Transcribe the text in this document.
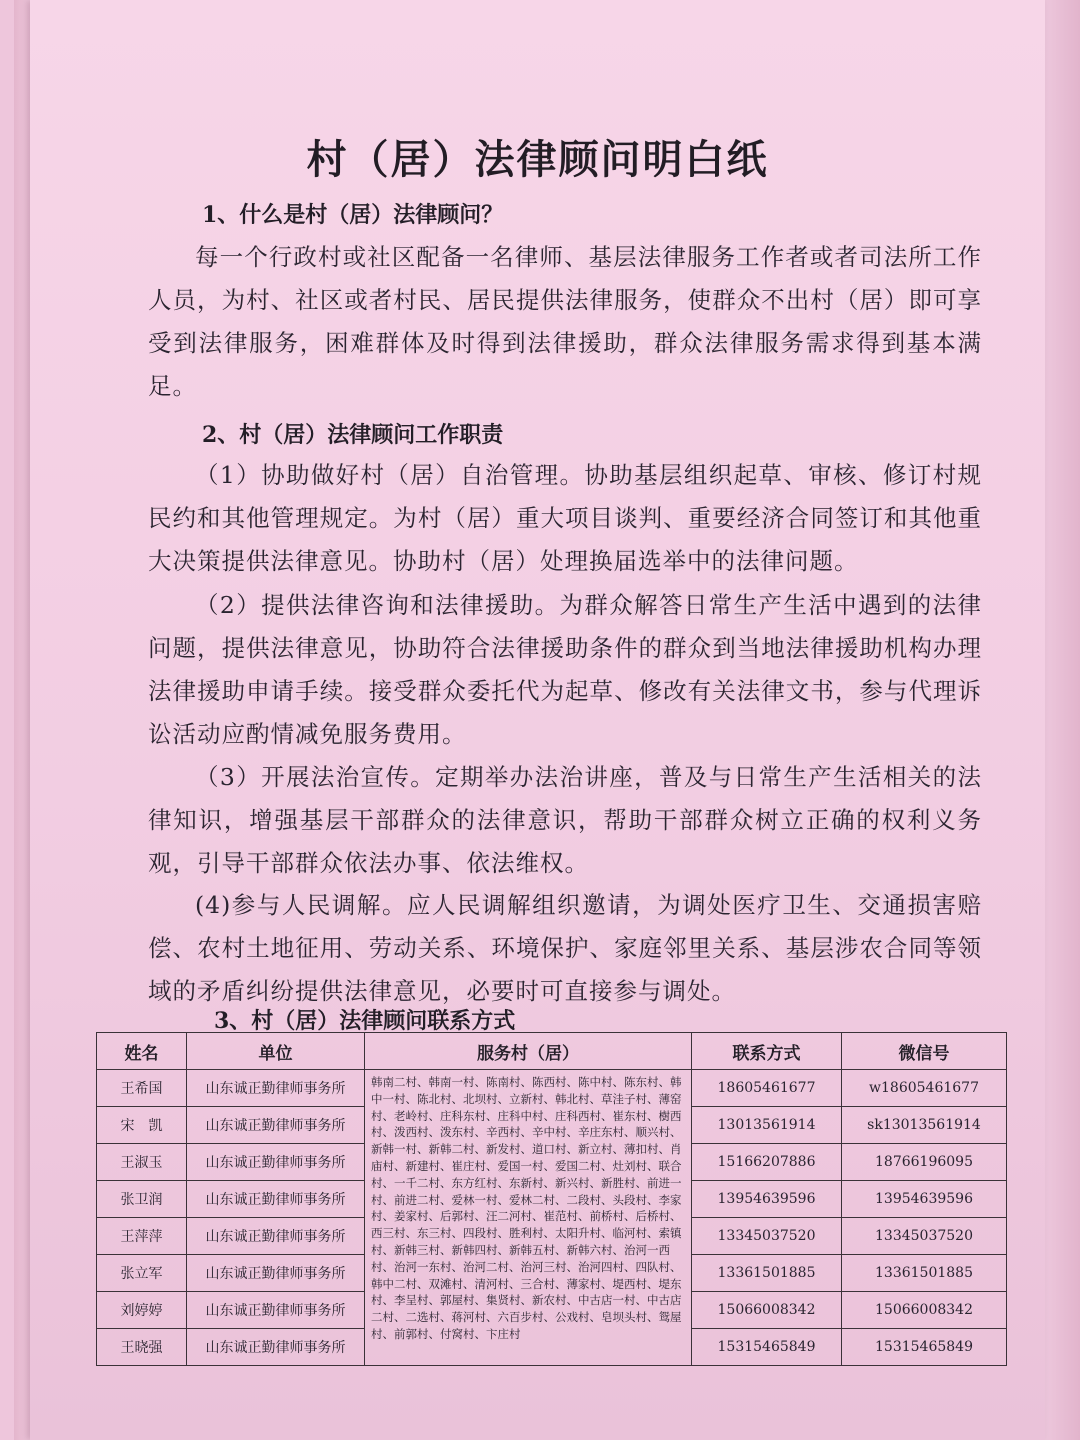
村（居）法律顾问明白纸
1、什么是村（居）法律顾问？
每一个行政村或社区配备一名律师、基层法律服务工作者或者司法所工作人员，为村、社区或者村民、居民提供法律服务，使群众不出村（居）即可享受到法律服务，困难群体及时得到法律援助，群众法律服务需求得到基本满足。
2、村（居）法律顾问工作职责
（1）协助做好村（居）自治管理。协助基层组织起草、审核、修订村规民约和其他管理规定。为村（居）重大项目谈判、重要经济合同签订和其他重大决策提供法律意见。协助村（居）处理换届选举中的法律问题。
（2）提供法律咨询和法律援助。为群众解答日常生产生活中遇到的法律问题，提供法律意见，协助符合法律援助条件的群众到当地法律援助机构办理法律援助申请手续。接受群众委托代为起草、修改有关法律文书，参与代理诉讼活动应酌情减免服务费用。
（3）开展法治宣传。定期举办法治讲座，普及与日常生产生活相关的法律知识，增强基层干部群众的法律意识，帮助干部群众树立正确的权利义务观，引导干部群众依法办事、依法维权。
(4)参与人民调解。应人民调解组织邀请，为调处医疗卫生、交通损害赔偿、农村土地征用、劳动关系、环境保护、家庭邻里关系、基层涉农合同等领域的矛盾纠纷提供法律意见，必要时可直接参与调处。
3、村（居）法律顾问联系方式
姓名	单位	服务村（居）	联系方式	微信号
王希国	山东诚正勤律师事务所	韩南二村、韩南一村、陈南村、陈西村、陈中村、陈东村、韩中一村、陈北村、北坝村、立新村、韩北村、草洼子村、薄窑村、老岭村、庄科东村、庄科中村、庄科西村、崔东村、樹西村、泼西村、泼东村、辛西村、辛中村、辛庄东村、顺兴村、新韩一村、新韩二村、新发村、道口村、新立村、薄扣村、肖庙村、新建村、崔庄村、爱国一村、爱国二村、灶刘村、联合村、一千二村、东方红村、东新村、新兴村、新胜村、前进一村、前进二村、爱林一村、爱林二村、二段村、头段村、李家村、姜家村、后郭村、汪二河村、崔范村、前桥村、后桥村、西三村、东三村、四段村、胜利村、太阳升村、临河村、索镇村、新韩三村、新韩四村、新韩五村、新韩六村、治河一西村、治河一东村、治河二村、治河三村、治河四村、四队村、韩中二村、双滩村、清河村、三合村、薄家村、堤西村、堤东村、李呈村、郭屋村、集贤村、新农村、中古店一村、中古店二村、二选村、蒋河村、六百步村、公戏村、皂坝头村、鸳屋村、前郭村、付窝村、卞庄村	18605461677	w18605461677
宋　凯	山东诚正勤律师事务所		13013561914	sk13013561914
王淑玉	山东诚正勤律师事务所		15166207886	18766196095
张卫润	山东诚正勤律师事务所		13954639596	13954639596
王萍萍	山东诚正勤律师事务所		13345037520	13345037520
张立军	山东诚正勤律师事务所		13361501885	13361501885
刘婷婷	山东诚正勤律师事务所		15066008342	15066008342
王晓强	山东诚正勤律师事务所		15315465849	15315465849
